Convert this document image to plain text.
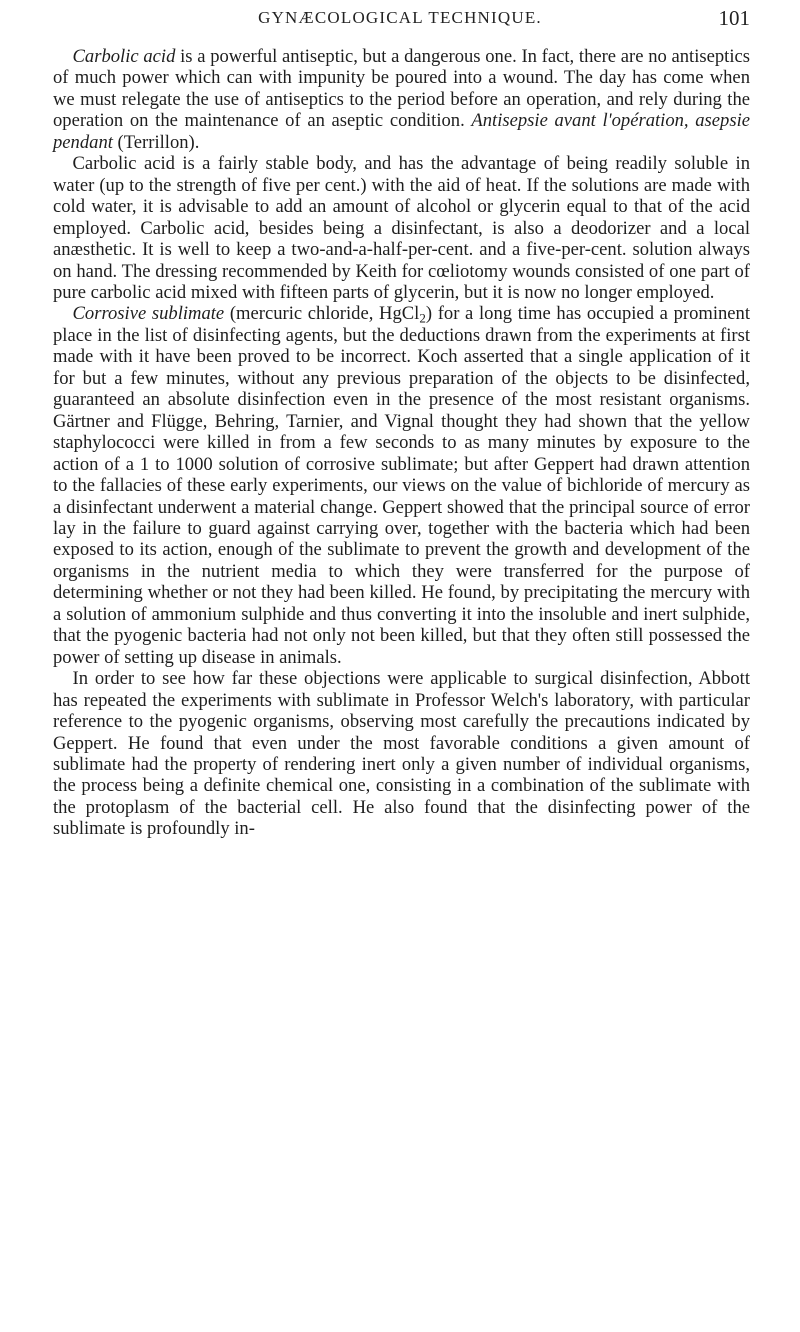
GYNÆCOLOGICAL TECHNIQUE.	101

Carbolic acid is a powerful antiseptic, but a dangerous one. In fact, there are no antiseptics of much power which can with impunity be poured into a wound. The day has come when we must relegate the use of antiseptics to the period before an operation, and rely during the operation on the maintenance of an aseptic condition. Antisepsie avant l'opération, asepsie pendant (Terrillon).

Carbolic acid is a fairly stable body, and has the advantage of being readily soluble in water (up to the strength of five per cent.) with the aid of heat. If the solutions are made with cold water, it is advisable to add an amount of alcohol or glycerin equal to that of the acid employed. Carbolic acid, besides being a disinfectant, is also a deodorizer and a local anæsthetic. It is well to keep a two-and-a-half-per-cent. and a five-per-cent. solution always on hand. The dressing recommended by Keith for cœliotomy wounds consisted of one part of pure carbolic acid mixed with fifteen parts of glycerin, but it is now no longer employed.

Corrosive sublimate (mercuric chloride, HgCl$_2$) for a long time has occupied a prominent place in the list of disinfecting agents, but the deductions drawn from the experiments at first made with it have been proved to be incorrect. Koch asserted that a single application of it for but a few minutes, without any previous preparation of the objects to be disinfected, guaranteed an absolute disinfection even in the presence of the most resistant organisms. Gärtner and Flügge, Behring, Tarnier, and Vignal thought they had shown that the yellow staphylococci were killed in from a few seconds to as many minutes by exposure to the action of a 1 to 1000 solution of corrosive sublimate; but after Geppert had drawn attention to the fallacies of these early experiments, our views on the value of bichloride of mercury as a disinfectant underwent a material change. Geppert showed that the principal source of error lay in the failure to guard against carrying over, together with the bacteria which had been exposed to its action, enough of the sublimate to prevent the growth and development of the organisms in the nutrient media to which they were transferred for the purpose of determining whether or not they had been killed. He found, by precipitating the mercury with a solution of ammonium sulphide and thus converting it into the insoluble and inert sulphide, that the pyogenic bacteria had not only not been killed, but that they often still possessed the power of setting up disease in animals.

In order to see how far these objections were applicable to surgical disinfection, Abbott has repeated the experiments with sublimate in Professor Welch's laboratory, with particular reference to the pyogenic organisms, observing most carefully the precautions indicated by Geppert. He found that even under the most favorable conditions a given amount of sublimate had the property of rendering inert only a given number of individual organisms, the process being a definite chemical one, consisting in a combination of the sublimate with the protoplasm of the bacterial cell. He also found that the disinfecting power of the sublimate is profoundly in-
